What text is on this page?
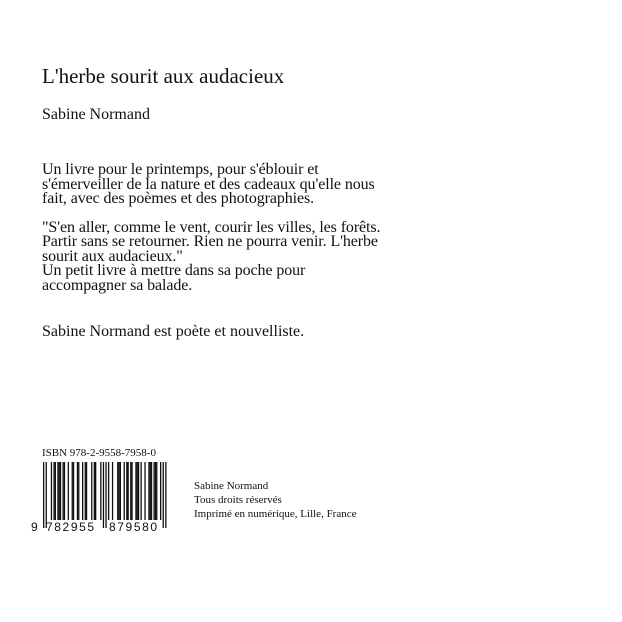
L'herbe sourit aux audacieux
Sabine Normand

Un livre pour le printemps, pour s'éblouir et
s'émerveiller de la nature et des cadeaux qu'elle nous
fait, avec des poèmes et des photographies.

"S'en aller, comme le vent, courir les villes, les forêts.
Partir sans se retourner. Rien ne pourra venir. L'herbe
sourit aux audacieux."
Un petit livre à mettre dans sa poche pour
accompagner sa balade.

Sabine Normand est poète et nouvelliste.
ISBN 978-2-9558-7958-0
9 782955 879580
Sabine Normand
Tous droits réservés
Imprimé en numérique, Lille, France
